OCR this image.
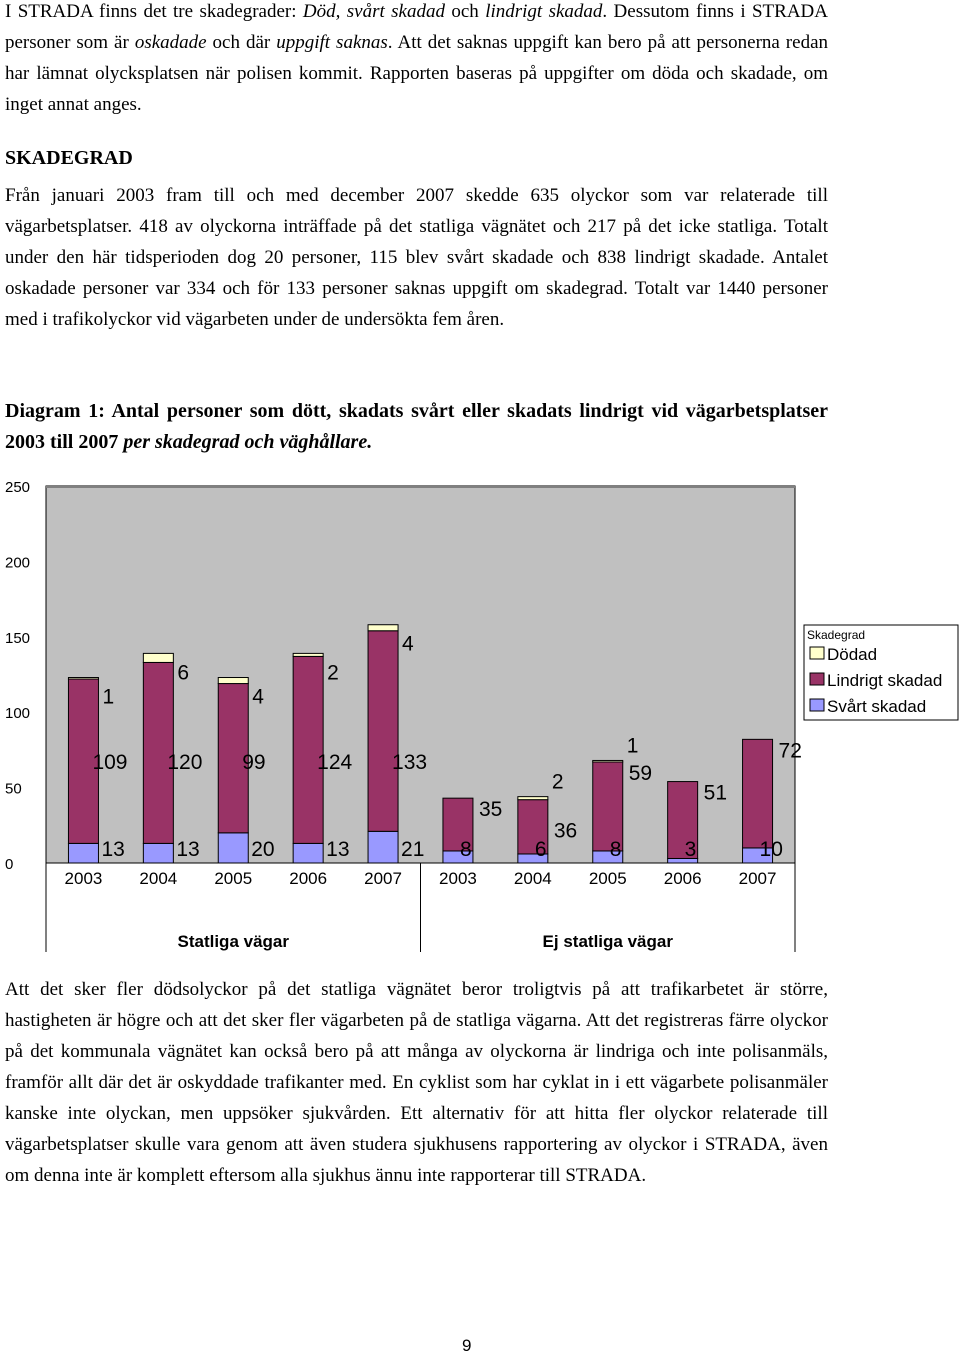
I STRADA finns det tre skadegrader: Död, svårt skadad och lindrigt skadad. Dessutom finns i STRADA personer som är oskadade och där uppgift saknas. Att det saknas uppgift kan bero på att personerna redan har lämnat olycksplatsen när polisen kommit. Rapporten baseras på uppgifter om döda och skadade, om inget annat anges.

SKADEGRAD

Från januari 2003 fram till och med december 2007 skedde 635 olyckor som var relaterade till vägarbetsplatser. 418 av olyckorna inträffade på det statliga vägnätet och 217 på det icke statliga. Totalt under den här tidsperioden dog 20 personer, 115 blev svårt skadade och 838 lindrigt skadade. Antalet oskadade personer var 334 och för 133 personer saknas uppgift om skadegrad. Totalt var 1440 personer med i trafikolyckor vid vägarbeten under de undersökta fem åren.

Diagram 1: Antal personer som dött, skadats svårt eller skadats lindrigt vid vägarbetsplatser 2003 till 2007 per skadegrad och väghållare.

0
50
100
150
200
250
2003 2004 2005 2006 2007 2003 2004 2005 2006 2007
13
109
1
13
120
6
20
99
4
13
124
2
21
133
4
8
35
6
36
2
8
59
1
3
51
10
72
Statliga vägar	Ej statliga vägar
Skadegrad
Dödad
Lindrigt skadad
Svårt skadad

Att det sker fler dödsolyckor på det statliga vägnätet beror troligtvis på att trafikarbetet är större, hastigheten är högre och att det sker fler vägarbeten på de statliga vägarna. Att det registreras färre olyckor på det kommunala vägnätet kan också bero på att många av olyckorna är lindriga och inte polisanmäls, framför allt där det är oskyddade trafikanter med. En cyklist som har cyklat in i ett vägarbete polisanmäler kanske inte olyckan, men uppsöker sjukvården. Ett alternativ för att hitta fler olyckor relaterade till vägarbetsplatser skulle vara genom att även studera sjukhusens rapportering av olyckor i STRADA, även om denna inte är komplett eftersom alla sjukhus ännu inte rapporterar till STRADA.

9
